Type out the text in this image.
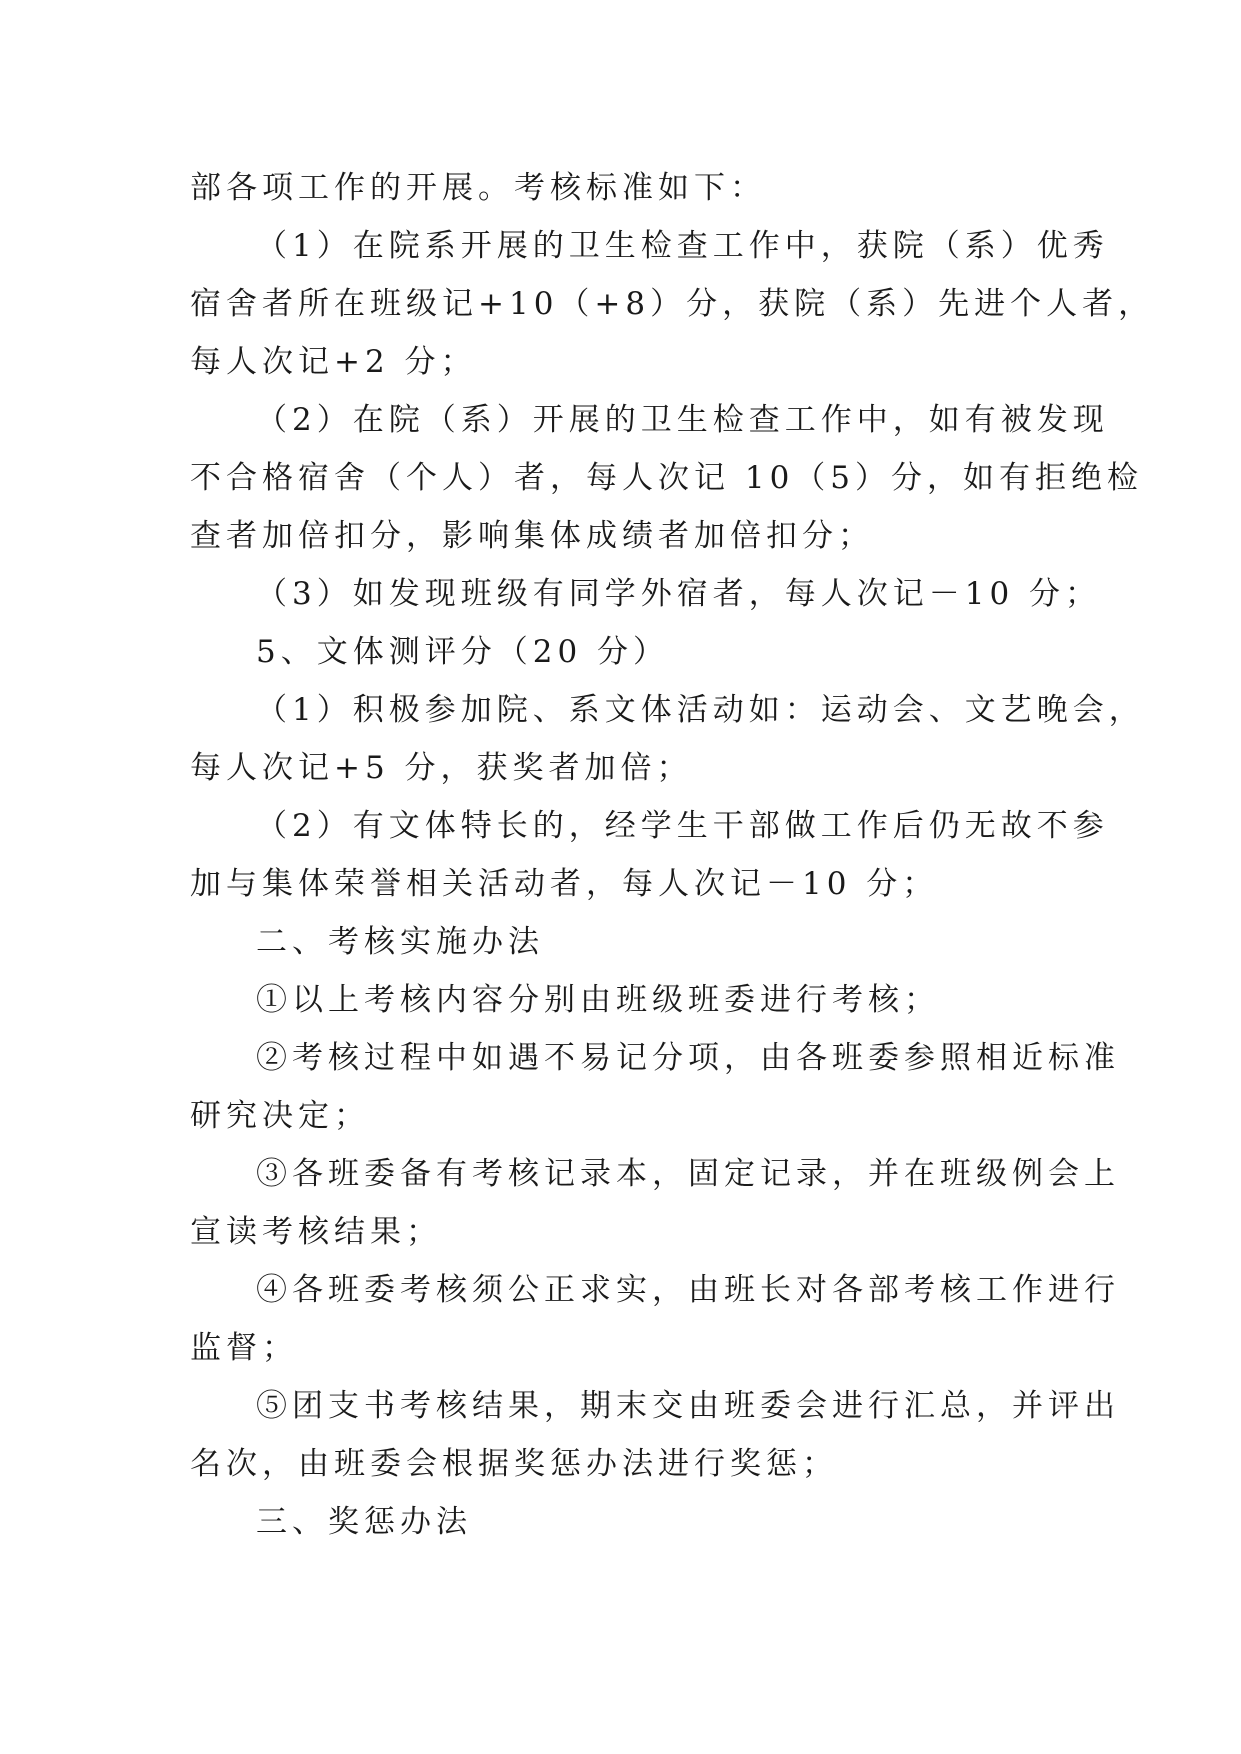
部各项工作的开展。考核标准如下：
（1）在院系开展的卫生检查工作中，获院（系）优秀
宿舍者所在班级记+10（+8）分，获院（系）先进个人者，
每人次记+2 分；
（2）在院（系）开展的卫生检查工作中，如有被发现
不合格宿舍（个人）者，每人次记 10（5）分，如有拒绝检
查者加倍扣分，影响集体成绩者加倍扣分；
（3）如发现班级有同学外宿者，每人次记－10 分；
5、文体测评分（20 分）
（1）积极参加院、系文体活动如：运动会、文艺晚会，
每人次记+5 分，获奖者加倍；
（2）有文体特长的，经学生干部做工作后仍无故不参
加与集体荣誉相关活动者，每人次记－10 分；
二、考核实施办法
①以上考核内容分别由班级班委进行考核；
②考核过程中如遇不易记分项，由各班委参照相近标准
研究决定；
③各班委备有考核记录本，固定记录，并在班级例会上
宣读考核结果；
④各班委考核须公正求实，由班长对各部考核工作进行
监督；
⑤团支书考核结果，期末交由班委会进行汇总，并评出
名次，由班委会根据奖惩办法进行奖惩；
三、奖惩办法
